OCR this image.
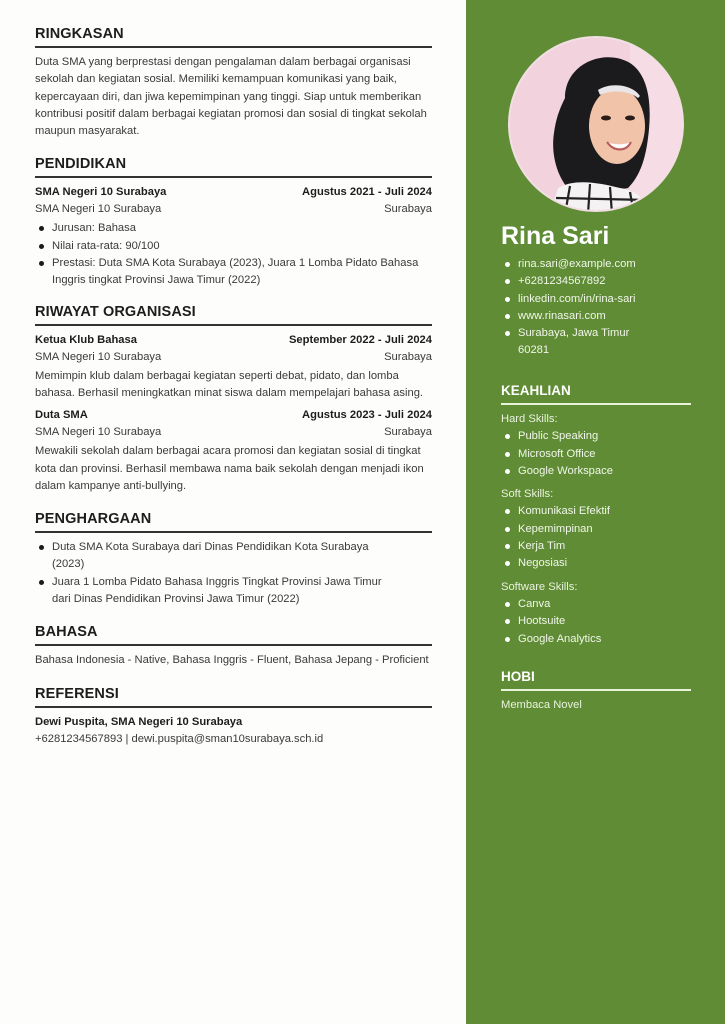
RINGKASAN

Duta SMA yang berprestasi dengan pengalaman dalam berbagai organisasi sekolah dan kegiatan sosial. Memiliki kemampuan komunikasi yang baik, kepercayaan diri, dan jiwa kepemimpinan yang tinggi. Siap untuk memberikan kontribusi positif dalam berbagai kegiatan promosi dan sosial di tingkat sekolah maupun masyarakat.

PENDIDIKAN
SMA Negeri 10 Surabaya	Agustus 2021 - Juli 2024
SMA Negeri 10 Surabaya	Surabaya
Jurusan: Bahasa
Nilai rata-rata: 90/100
Prestasi: Duta SMA Kota Surabaya (2023), Juara 1 Lomba Pidato Bahasa Inggris tingkat Provinsi Jawa Timur (2022)
RIWAYAT ORGANISASI
Ketua Klub Bahasa	September 2022 - Juli 2024
SMA Negeri 10 Surabaya	Surabaya

Memimpin klub dalam berbagai kegiatan seperti debat, pidato, dan lomba bahasa. Berhasil meningkatkan minat siswa dalam mempelajari bahasa asing.

Duta SMA	Agustus 2023 - Juli 2024
SMA Negeri 10 Surabaya	Surabaya

Mewakili sekolah dalam berbagai acara promosi dan kegiatan sosial di tingkat kota dan provinsi. Berhasil membawa nama baik sekolah dengan menjadi ikon dalam kampanye anti-bullying.

PENGHARGAAN
Duta SMA Kota Surabaya dari Dinas Pendidikan Kota Surabaya (2023)
Juara 1 Lomba Pidato Bahasa Inggris Tingkat Provinsi Jawa Timur dari Dinas Pendidikan Provinsi Jawa Timur (2022)
BAHASA

Bahasa Indonesia - Native, Bahasa Inggris - Fluent, Bahasa Jepang - Proficient

REFERENSI
Dewi Puspita, SMA Negeri 10 Surabaya

+6281234567893 | dewi.puspita@sman10surabaya.sch.id

Rina Sari
rina.sari@example.com
+6281234567892
linkedin.com/in/rina-sari
www.rinasari.com
Surabaya, Jawa Timur 60281
KEAHLIAN
Hard Skills:
Public Speaking
Microsoft Office
Google Workspace
Soft Skills:
Komunikasi Efektif
Kepemimpinan
Kerja Tim
Negosiasi
Software Skills:
Canva
Hootsuite
Google Analytics
HOBI
Membaca Novel
